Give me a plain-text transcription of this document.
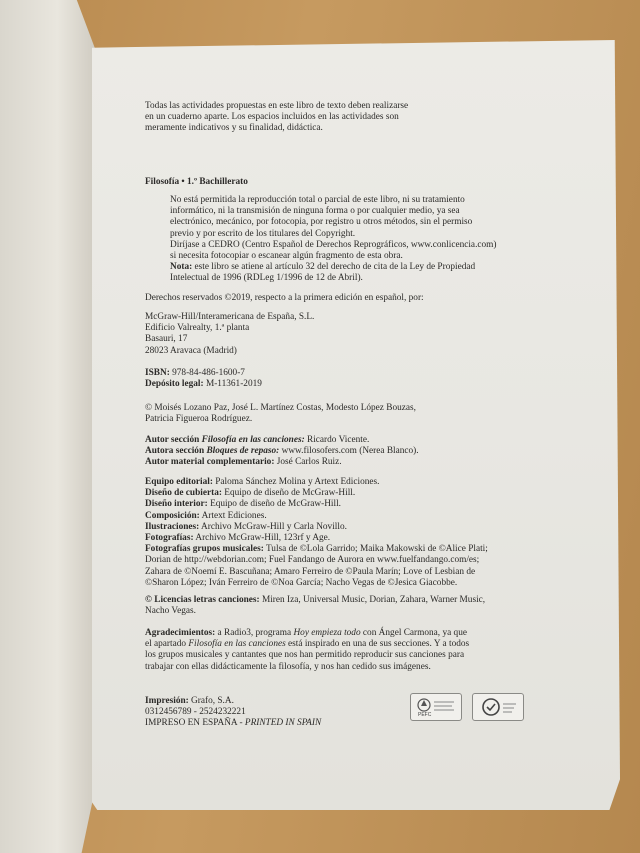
Todas las actividades propuestas en este libro de texto deben realizarse
en un cuaderno aparte. Los espacios incluidos en las actividades son
meramente indicativos y su finalidad, didáctica.
Filosofía • 1.º Bachillerato
No está permitida la reproducción total o parcial de este libro, ni su tratamiento
informático, ni la transmisión de ninguna forma o por cualquier medio, ya sea
electrónico, mecánico, por fotocopia, por registro u otros métodos, sin el permiso
previo y por escrito de los titulares del Copyright.
Diríjase a CEDRO (Centro Español de Derechos Reprográficos, www.conlicencia.com)
si necesita fotocopiar o escanear algún fragmento de esta obra.
Nota: este libro se atiene al artículo 32 del derecho de cita de la Ley de Propiedad
Intelectual de 1996 (RDLeg 1/1996 de 12 de Abril).
Derechos reservados ©2019, respecto a la primera edición en español, por:
McGraw-Hill/Interamericana de España, S.L.
Edificio Valrealty, 1.ª planta
Basauri, 17
28023 Aravaca (Madrid)
ISBN: 978-84-486-1600-7
Depósito legal: M-11361-2019
© Moisés Lozano Paz, José L. Martínez Costas, Modesto López Bouzas,
Patricia Figueroa Rodríguez.
Autor sección Filosofía en las canciones: Ricardo Vicente.
Autora sección Bloques de repaso: www.filosofers.com (Nerea Blanco).
Autor material complementario: José Carlos Ruiz.
Equipo editorial: Paloma Sánchez Molina y Artext Ediciones.
Diseño de cubierta: Equipo de diseño de McGraw-Hill.
Diseño interior: Equipo de diseño de McGraw-Hill.
Composición: Artext Ediciones.
Ilustraciones: Archivo McGraw-Hill y Carla Novillo.
Fotografías: Archivo McGraw-Hill, 123rf y Age.
Fotografías grupos musicales: Tulsa de ©Lola Garrido; Maika Makowski de ©Alice Plati;
Dorian de http://webdorian.com; Fuel Fandango de Aurora en www.fuelfandango.com/es;
Zahara de ©Noemí E. Bascuñana; Amaro Ferreiro de ©Paula Marín; Love of Lesbian de
©Sharon López; Iván Ferreiro de ©Noa García; Nacho Vegas de ©Jesica Giacobbe.
© Licencias letras canciones: Miren Iza, Universal Music, Dorian, Zahara, Warner Music,
Nacho Vegas.
Agradecimientos: a Radio3, programa Hoy empieza todo con Ángel Carmona, ya que
el apartado Filosofía en las canciones está inspirado en una de sus secciones. Y a todos
los grupos musicales y cantantes que nos han permitido reproducir sus canciones para
trabajar con ellas didácticamente la filosofía, y nos han cedido sus imágenes.
Impresión: Grafo, S.A.
0312456789 - 2524232221
IMPRESO EN ESPAÑA - PRINTED IN SPAIN
PEFC
